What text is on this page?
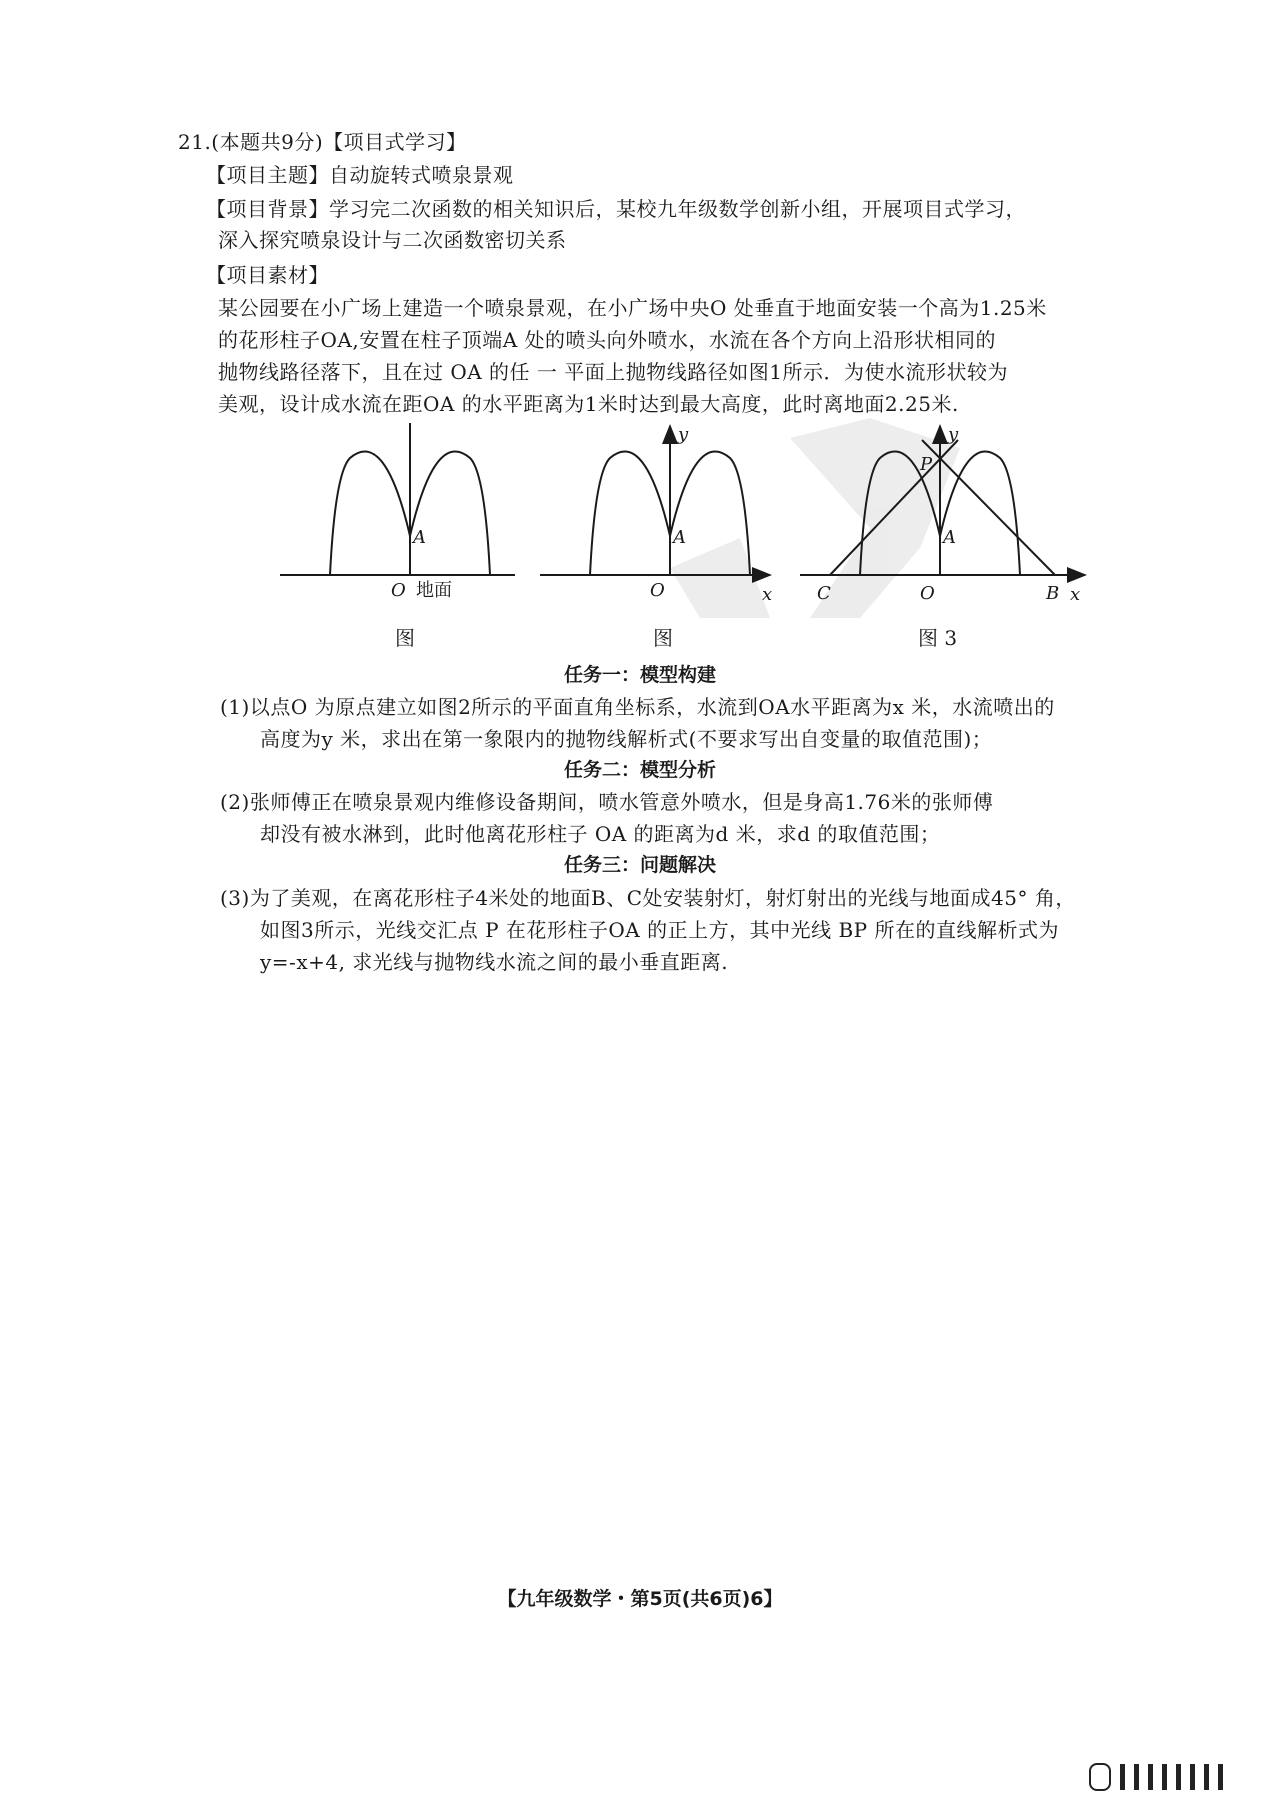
21.(本题共9分)【项目式学习】
【项目主题】自动旋转式喷泉景观
【项目背景】学习完二次函数的相关知识后，某校九年级数学创新小组，开展项目式学习，
深入探究喷泉设计与二次函数密切关系
【项目素材】
某公园要在小广场上建造一个喷泉景观，在小广场中央O 处垂直于地面安装一个高为1.25米
的花形柱子OA,安置在柱子顶端A 处的喷头向外喷水，水流在各个方向上沿形状相同的
抛物线路径落下，且在过 OA 的任 一 平面上抛物线路径如图1所示．为使水流形状较为
美观，设计成水流在距OA 的水平距离为1米时达到最大高度，此时离地面2.25米.
A
O 地面
y
A
O	x
y
P
A
C	O	B x
图	图	图 3
任务一：模型构建
(1)以点O 为原点建立如图2所示的平面直角坐标系，水流到OA水平距离为x 米，水流喷出的
高度为y 米，求出在第一象限内的抛物线解析式(不要求写出自变量的取值范围)；
任务二：模型分析
(2)张师傅正在喷泉景观内维修设备期间，喷水管意外喷水，但是身高1.76米的张师傅
却没有被水淋到，此时他离花形柱子 OA 的距离为d 米，求d 的取值范围；
任务三：问题解决
(3)为了美观，在离花形柱子4米处的地面B、C处安装射灯，射灯射出的光线与地面成45° 角，
如图3所示，光线交汇点 P 在花形柱子OA 的正上方，其中光线 BP 所在的直线解析式为
y=-x+4, 求光线与抛物线水流之间的最小垂直距离.
【九年级数学・第5页(共6页)6】
